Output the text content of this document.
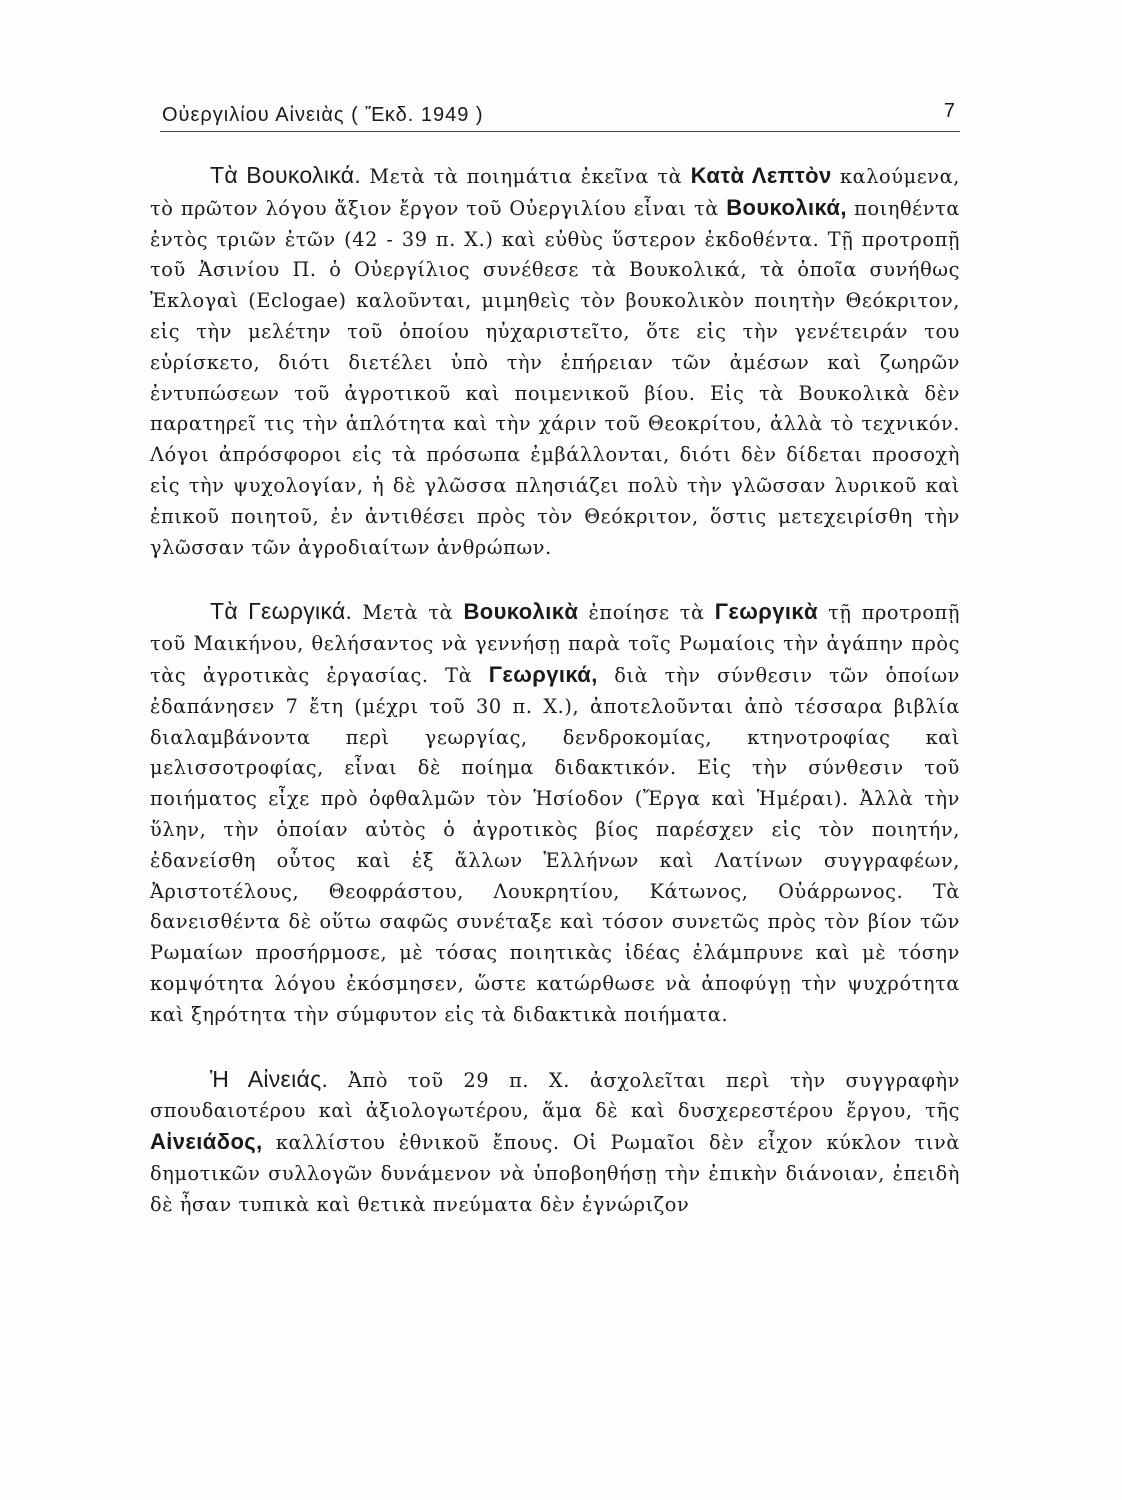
Οὐεργιλίου Αἰνειὰς ( Ἔκδ. 1949 )	7

Τὰ Βουκολικά. Μετὰ τὰ ποιημάτια ἐκεῖνα τὰ Κατὰ Λεπτὸν καλούμενα, τὸ πρῶτον λόγου ἄξιον ἔργον τοῦ Οὐεργιλίου εἶναι τὰ Βουκολικά, ποιηθέντα ἐντὸς τριῶν ἐτῶν (42 - 39 π. Χ.) καὶ εὐθὺς ὕστερον ἐκδοθέντα. Τῇ προτροπῇ τοῦ Ἀσινίου Π. ὁ Οὐεργίλιος συνέθεσε τὰ Βουκολικά, τὰ ὁποῖα συνήθως Ἐκλογαὶ (Eclogae) καλοῦνται, μιμηθεὶς τὸν βουκολικὸν ποιητὴν Θεόκριτον, εἰς τὴν μελέτην τοῦ ὁποίου ηὐχαριστεῖτο, ὅτε εἰς τὴν γενέτειράν του εὑρίσκετο, διότι διετέλει ὑπὸ τὴν ἐπήρειαν τῶν ἀμέσων καὶ ζωηρῶν ἐντυπώσεων τοῦ ἀγροτικοῦ καὶ ποιμενικοῦ βίου. Εἰς τὰ Βουκολικὰ δὲν παρατηρεῖ τις τὴν ἁπλότητα καὶ τὴν χάριν τοῦ Θεοκρίτου, ἀλλὰ τὸ τεχνικόν. Λόγοι ἀπρόσφοροι εἰς τὰ πρόσωπα ἐμβάλλονται, διότι δὲν δίδεται προσοχὴ εἰς τὴν ψυχολογίαν, ἡ δὲ γλῶσσα πλησιάζει πολὺ τὴν γλῶσσαν λυρικοῦ καὶ ἐπικοῦ ποιητοῦ, ἐν ἀντιθέσει πρὸς τὸν Θεόκριτον, ὅστις μετεχειρίσθη τὴν γλῶσσαν τῶν ἀγροδιαίτων ἀνθρώπων.

Τὰ Γεωργικά. Μετὰ τὰ Βουκολικὰ ἐποίησε τὰ Γεωργικὰ τῇ προτροπῇ τοῦ Μαικήνου, θελήσαντος νὰ γεννήσῃ παρὰ τοῖς Ρωμαίοις τὴν ἀγάπην πρὸς τὰς ἀγροτικὰς ἐργασίας. Τὰ Γεωργικά, διὰ τὴν σύνθεσιν τῶν ὁποίων ἐδαπάνησεν 7 ἔτη (μέχρι τοῦ 30 π. Χ.), ἀποτελοῦνται ἀπὸ τέσσαρα βιβλία διαλαμβάνοντα περὶ γεωργίας, δενδροκομίας, κτηνοτροφίας καὶ μελισσοτροφίας, εἶναι δὲ ποίημα διδακτικόν. Εἰς τὴν σύνθεσιν τοῦ ποιήματος εἶχε πρὸ ὀφθαλμῶν τὸν Ἡσίοδον (Ἔργα καὶ Ἡμέραι). Ἀλλὰ τὴν ὕλην, τὴν ὁποίαν αὐτὸς ὁ ἀγροτικὸς βίος παρέσχεν εἰς τὸν ποιητήν, ἐδανείσθη οὗτος καὶ ἐξ ἄλλων Ἑλλήνων καὶ Λατίνων συγγραφέων, Ἀριστοτέλους, Θεοφράστου, Λουκρητίου, Κάτωνος, Οὐάρρωνος. Τὰ δανεισθέντα δὲ οὕτω σαφῶς συνέταξε καὶ τόσον συνετῶς πρὸς τὸν βίον τῶν Ρωμαίων προσήρμοσε, μὲ τόσας ποιητικὰς ἰδέας ἐλάμπρυνε καὶ μὲ τόσην κομψότητα λόγου ἐκόσμησεν, ὥστε κατώρθωσε νὰ ἀποφύγῃ τὴν ψυχρότητα καὶ ξηρότητα τὴν σύμφυτον εἰς τὰ διδακτικὰ ποιήματα.

Ἡ Αἰνειάς. Ἀπὸ τοῦ 29 π. Χ. ἀσχολεῖται περὶ τὴν συγγραφὴν σπουδαιοτέρου καὶ ἀξιολογωτέρου, ἅμα δὲ καὶ δυσχερεστέρου ἔργου, τῆς Αἰνειάδος, καλλίστου ἐθνικοῦ ἔπους. Οἱ Ρωμαῖοι δὲν εἶχον κύκλον τινὰ δημοτικῶν συλλογῶν δυνάμενον νὰ ὑποβοηθήσῃ τὴν ἐπικὴν διάνοιαν, ἐπειδὴ δὲ ἦσαν τυπικὰ καὶ θετικὰ πνεύματα δὲν ἐγνώριζον
